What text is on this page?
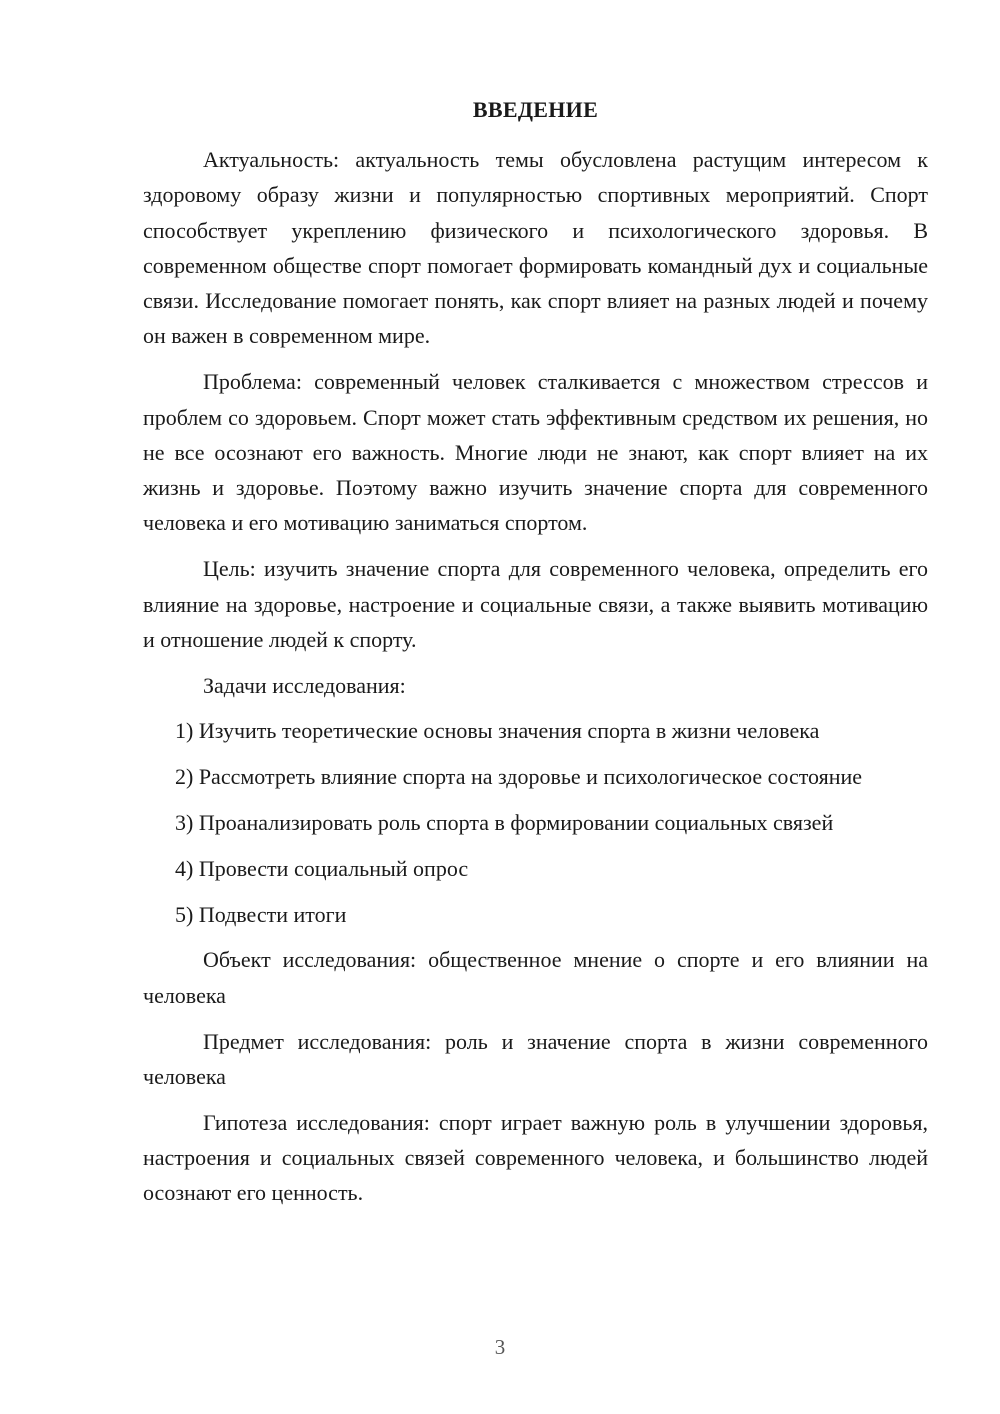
ВВЕДЕНИЕ

Актуальность: актуальность темы обусловлена растущим интересом к здоровому образу жизни и популярностью спортивных мероприятий. Спорт способствует укреплению физического и психологического здоровья. В современном обществе спорт помогает формировать командный дух и социальные связи. Исследование помогает понять, как спорт влияет на разных людей и почему он важен в современном мире.

Проблема: современный человек сталкивается с множеством стрессов и проблем со здоровьем. Спорт может стать эффективным средством их решения, но не все осознают его важность. Многие люди не знают, как спорт влияет на их жизнь и здоровье. Поэтому важно изучить значение спорта для современного человека и его мотивацию заниматься спортом.

Цель: изучить значение спорта для современного человека, определить его влияние на здоровье, настроение и социальные связи, а также выявить мотивацию и отношение людей к спорту.

Задачи исследования:

1) Изучить теоретические основы значения спорта в жизни человека

2) Рассмотреть влияние спорта на здоровье и психологическое состояние

3) Проанализировать роль спорта в формировании социальных связей

4) Провести социальный опрос

5) Подвести итоги

Объект исследования: общественное мнение о спорте и его влиянии на человека

Предмет исследования: роль и значение спорта в жизни современного человека

Гипотеза исследования: спорт играет важную роль в улучшении здоровья, настроения и социальных связей современного человека, и большинство людей осознают его ценность.

3
